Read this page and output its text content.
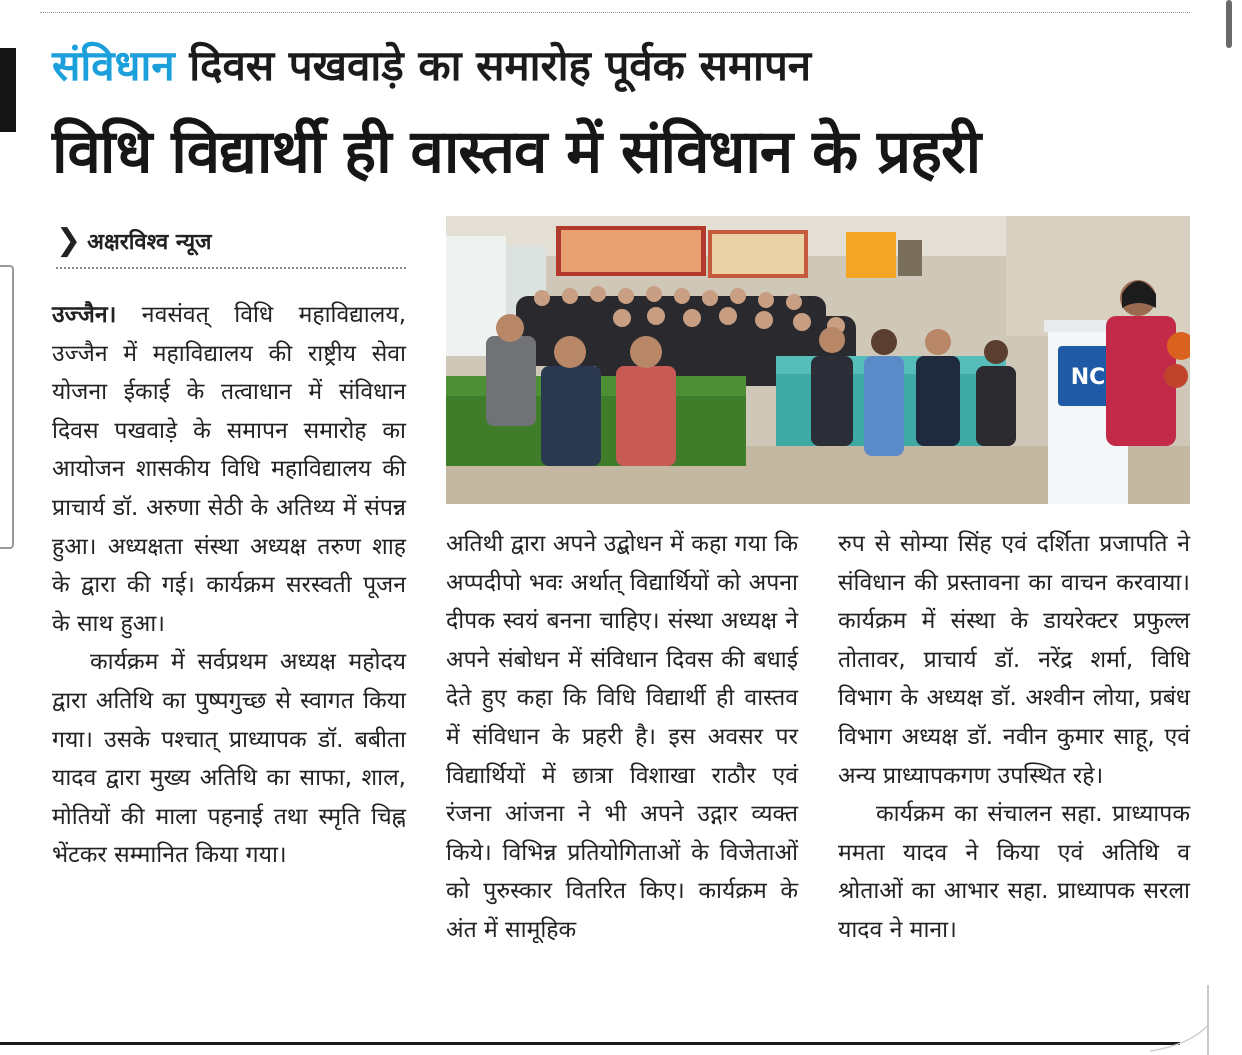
संविधान दिवस पखवाड़े का समारोह पूर्वक समापन
विधि विद्यार्थी ही वास्तव में संविधान के प्रहरी
❯ अक्षरविश्व न्यूज

उज्जैन। नवसंवत् विधि महाविद्यालय, उज्जैन में महाविद्यालय की राष्ट्रीय सेवा योजना ईकाई के तत्वाधान में संविधान दिवस पखवाड़े के समापन समारोह का आयोजन शासकीय विधि महाविद्यालय की प्राचार्य डॉ. अरुणा सेठी के अतिथ्य में संपन्न हुआ। अध्यक्षता संस्था अध्यक्ष तरुण शाह के द्वारा की गई। कार्यक्रम सरस्वती पूजन के साथ हुआ।

कार्यक्रम में सर्वप्रथम अध्यक्ष महोदय द्वारा अतिथि का पुष्पगुच्छ से स्वागत किया गया। उसके पश्चात् प्राध्यापक डॉ. बबीता यादव द्वारा मुख्य अतिथि का साफा, शाल, मोतियों की माला पहनाई तथा स्मृति चिह्न भेंटकर सम्मानित किया गया।

NC

अतिथी द्वारा अपने उद्बोधन में कहा गया कि अप्पदीपो भवः अर्थात् विद्यार्थियों को अपना दीपक स्वयं बनना चाहिए। संस्था अध्यक्ष ने अपने संबोधन में संविधान दिवस की बधाई देते हुए कहा कि विधि विद्यार्थी ही वास्तव में संविधान के प्रहरी है। इस अवसर पर विद्यार्थियों में छात्रा विशाखा राठौर एवं रंजना आंजना ने भी अपने उद्गार व्यक्त किये। विभिन्न प्रतियोगिताओं के विजेताओं को पुरुस्कार वितरित किए। कार्यक्रम के अंत में सामूहिक

रुप से सोम्या सिंह एवं दर्शिता प्रजापति ने संविधान की प्रस्तावना का वाचन करवाया। कार्यक्रम में संस्था के डायरेक्टर प्रफुल्ल तोतावर, प्राचार्य डॉ. नरेंद्र शर्मा, विधि विभाग के अध्यक्ष डॉ. अश्वीन लोया, प्रबंध विभाग अध्यक्ष डॉ. नवीन कुमार साहू, एवं अन्य प्राध्यापकगण उपस्थित रहे।

कार्यक्रम का संचालन सहा. प्राध्यापक ममता यादव ने किया एवं अतिथि व श्रोताओं का आभार सहा. प्राध्यापक सरला यादव ने माना।
